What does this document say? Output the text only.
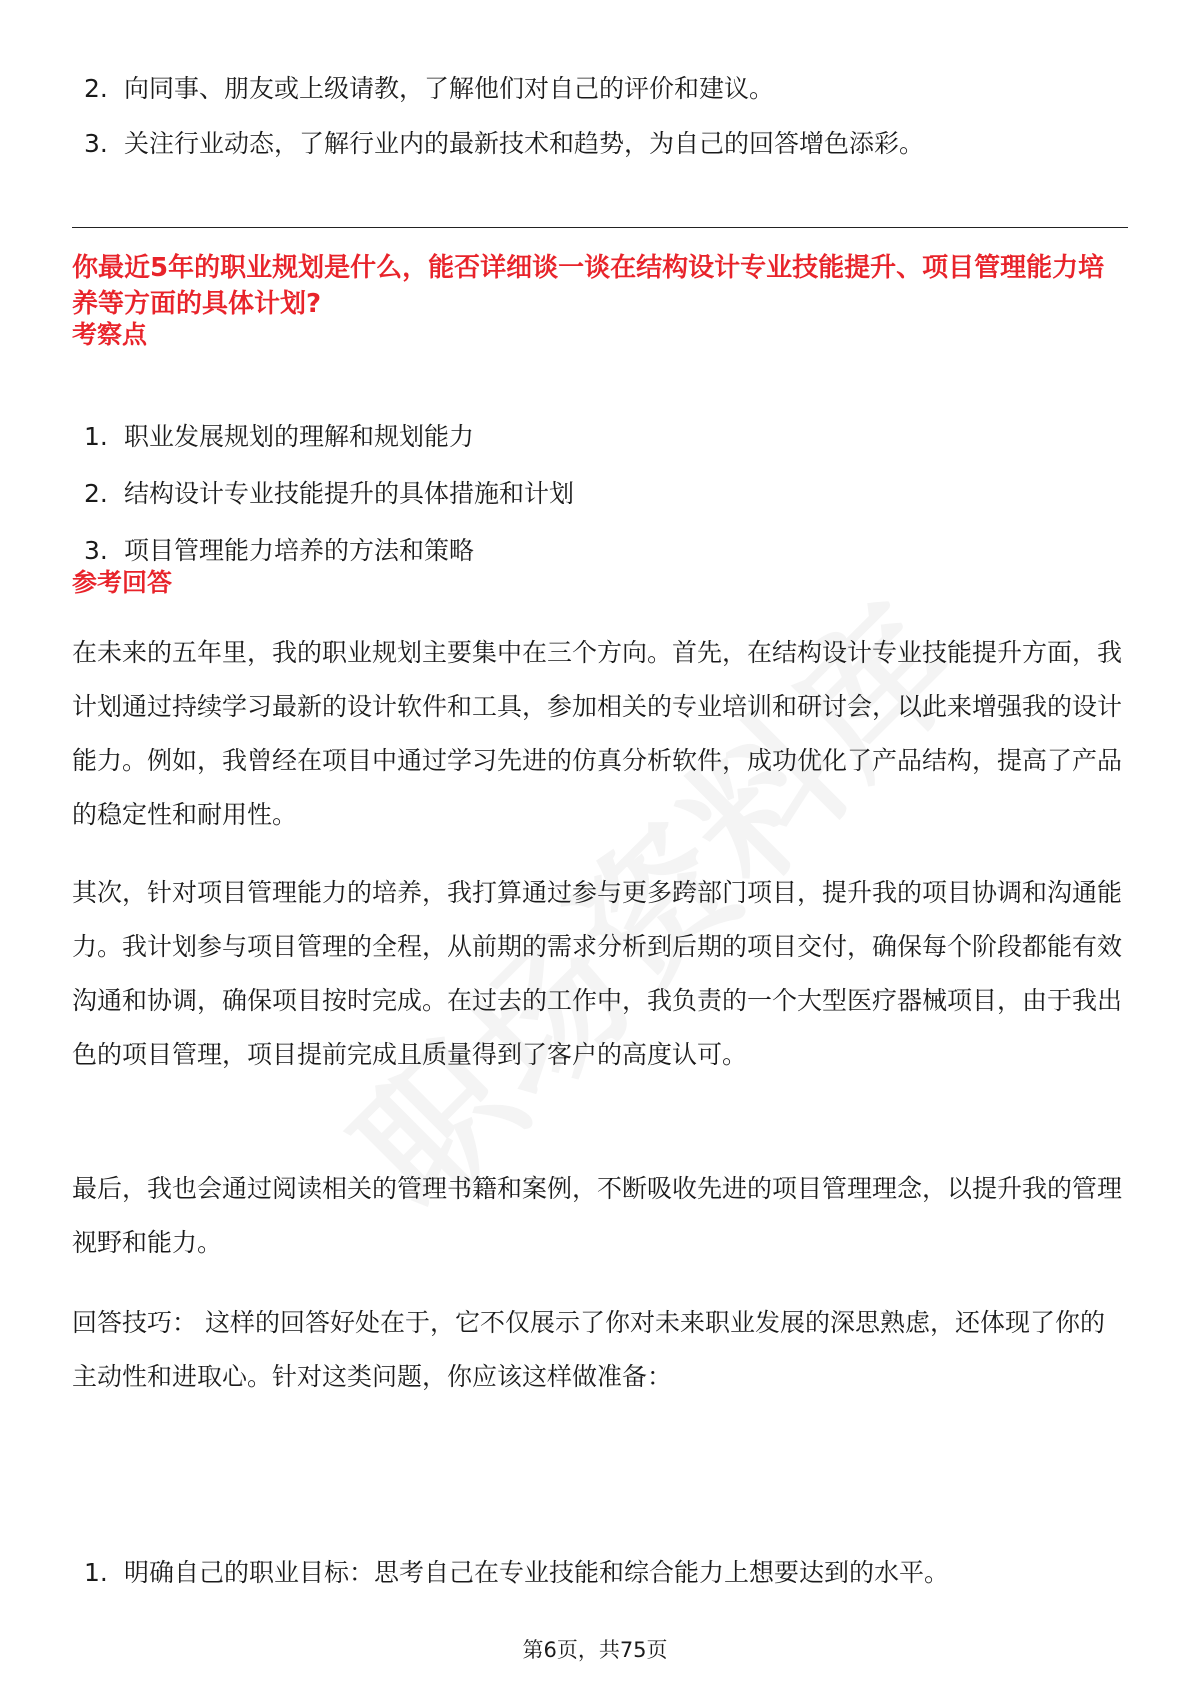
2. 向同事、朋友或上级请教，了解他们对自己的评价和建议。
3. 关注行业动态，了解行业内的最新技术和趋势，为自己的回答增色添彩。
你最近5年的职业规划是什么，能否详细谈一谈在结构设计专业技能提升、项目管理能力培养等方面的具体计划?
考察点
1. 职业发展规划的理解和规划能力
2. 结构设计专业技能提升的具体措施和计划
3. 项目管理能力培养的方法和策略
参考回答

在未来的五年里，我的职业规划主要集中在三个方向。首先，在结构设计专业技能提升方面，我计划通过持续学习最新的设计软件和工具，参加相关的专业培训和研讨会，以此来增强我的设计能力。例如，我曾经在项目中通过学习先进的仿真分析软件，成功优化了产品结构，提高了产品的稳定性和耐用性。

其次，针对项目管理能力的培养，我打算通过参与更多跨部门项目，提升我的项目协调和沟通能力。我计划参与项目管理的全程，从前期的需求分析到后期的项目交付，确保每个阶段都能有效沟通和协调，确保项目按时完成。在过去的工作中，我负责的一个大型医疗器械项目，由于我出色的项目管理，项目提前完成且质量得到了客户的高度认可。

最后，我也会通过阅读相关的管理书籍和案例，不断吸收先进的项目管理理念，以提升我的管理视野和能力。

回答技巧： 这样的回答好处在于，它不仅展示了你对未来职业发展的深思熟虑，还体现了你的主动性和进取心。针对这类问题，你应该这样做准备：

1. 明确自己的职业目标：思考自己在专业技能和综合能力上想要达到的水平。
第6页，共75页
